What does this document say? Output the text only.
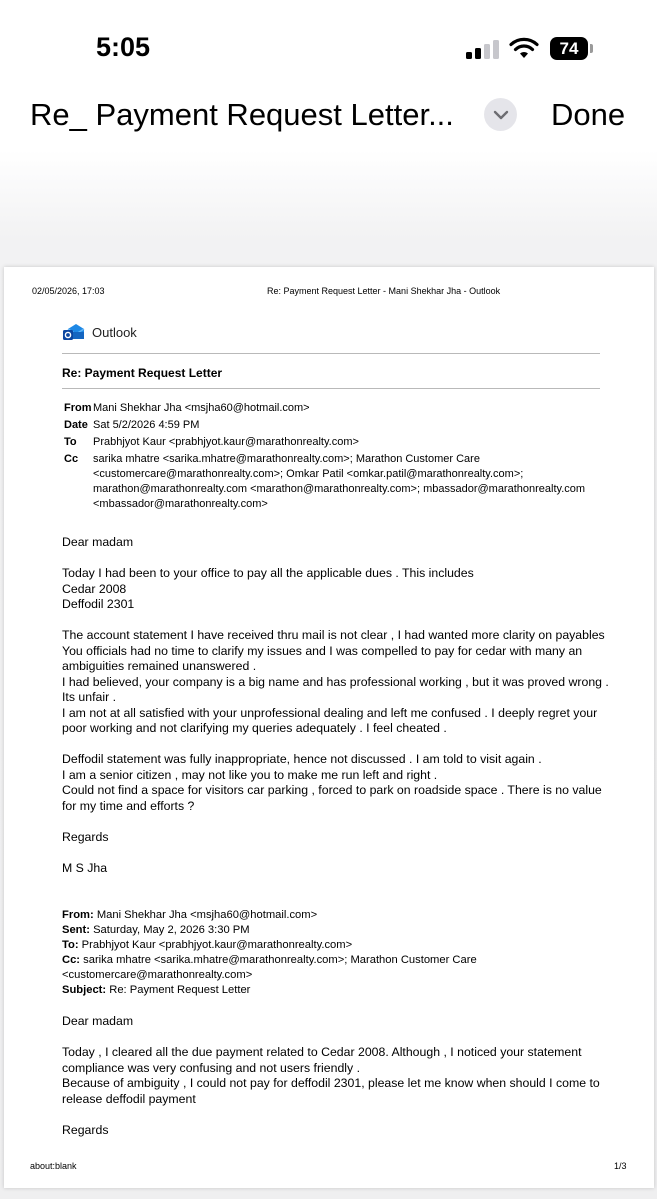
5:05	74
Re_ Payment Request Letter...	Done
02/05/2026, 17:03	Re: Payment Request Letter - Mani Shekhar Jha - Outlook
Outlook
Re: Payment Request Letter
From Mani Shekhar Jha <msjha60@hotmail.com>
Date Sat 5/2/2026 4:59 PM
To Prabhjyot Kaur <prabhjyot.kaur@marathonrealty.com>
Cc sarika mhatre <sarika.mhatre@marathonrealty.com>; Marathon Customer Care
<customercare@marathonrealty.com>; Omkar Patil <omkar.patil@marathonrealty.com>;
marathon@marathonrealty.com <marathon@marathonrealty.com>; mbassador@marathonrealty.com
<mbassador@marathonrealty.com>
Dear madam

Today I had been to your office to pay all the applicable dues . This includes

Cedar 2008

Deffodil 2301

The account statement I have received thru mail is not clear , I had wanted more clarity on payables

You officials had no time to clarify my issues and I was compelled to pay for cedar with many an

ambiguities remained unanswered .

I had believed, your company is a big name and has professional working , but it was proved wrong .

Its unfair .

I am not at all satisfied with your unprofessional dealing and left me confused . I deeply regret your

poor working and not clarifying my queries adequately . I feel cheated .

Deffodil statement was fully inappropriate, hence not discussed . I am told to visit again .

I am a senior citizen , may not like you to make me run left and right .

Could not find a space for visitors car parking , forced to park on roadside space . There is no value

for my time and efforts ?

Regards
M S Jha
From: Mani Shekhar Jha <msjha60@hotmail.com>
Sent: Saturday, May 2, 2026 3:30 PM
To: Prabhjyot Kaur <prabhjyot.kaur@marathonrealty.com>
Cc: sarika mhatre <sarika.mhatre@marathonrealty.com>; Marathon Customer Care
<customercare@marathonrealty.com>
Subject: Re: Payment Request Letter
Dear madam

Today , I cleared all the due payment related to Cedar 2008. Although , I noticed your statement

compliance was very confusing and not users friendly .

Because of ambiguity , I could not pay for deffodil 2301, please let me know when should I come to

release deffodil payment

Regards
about:blank	1/3
